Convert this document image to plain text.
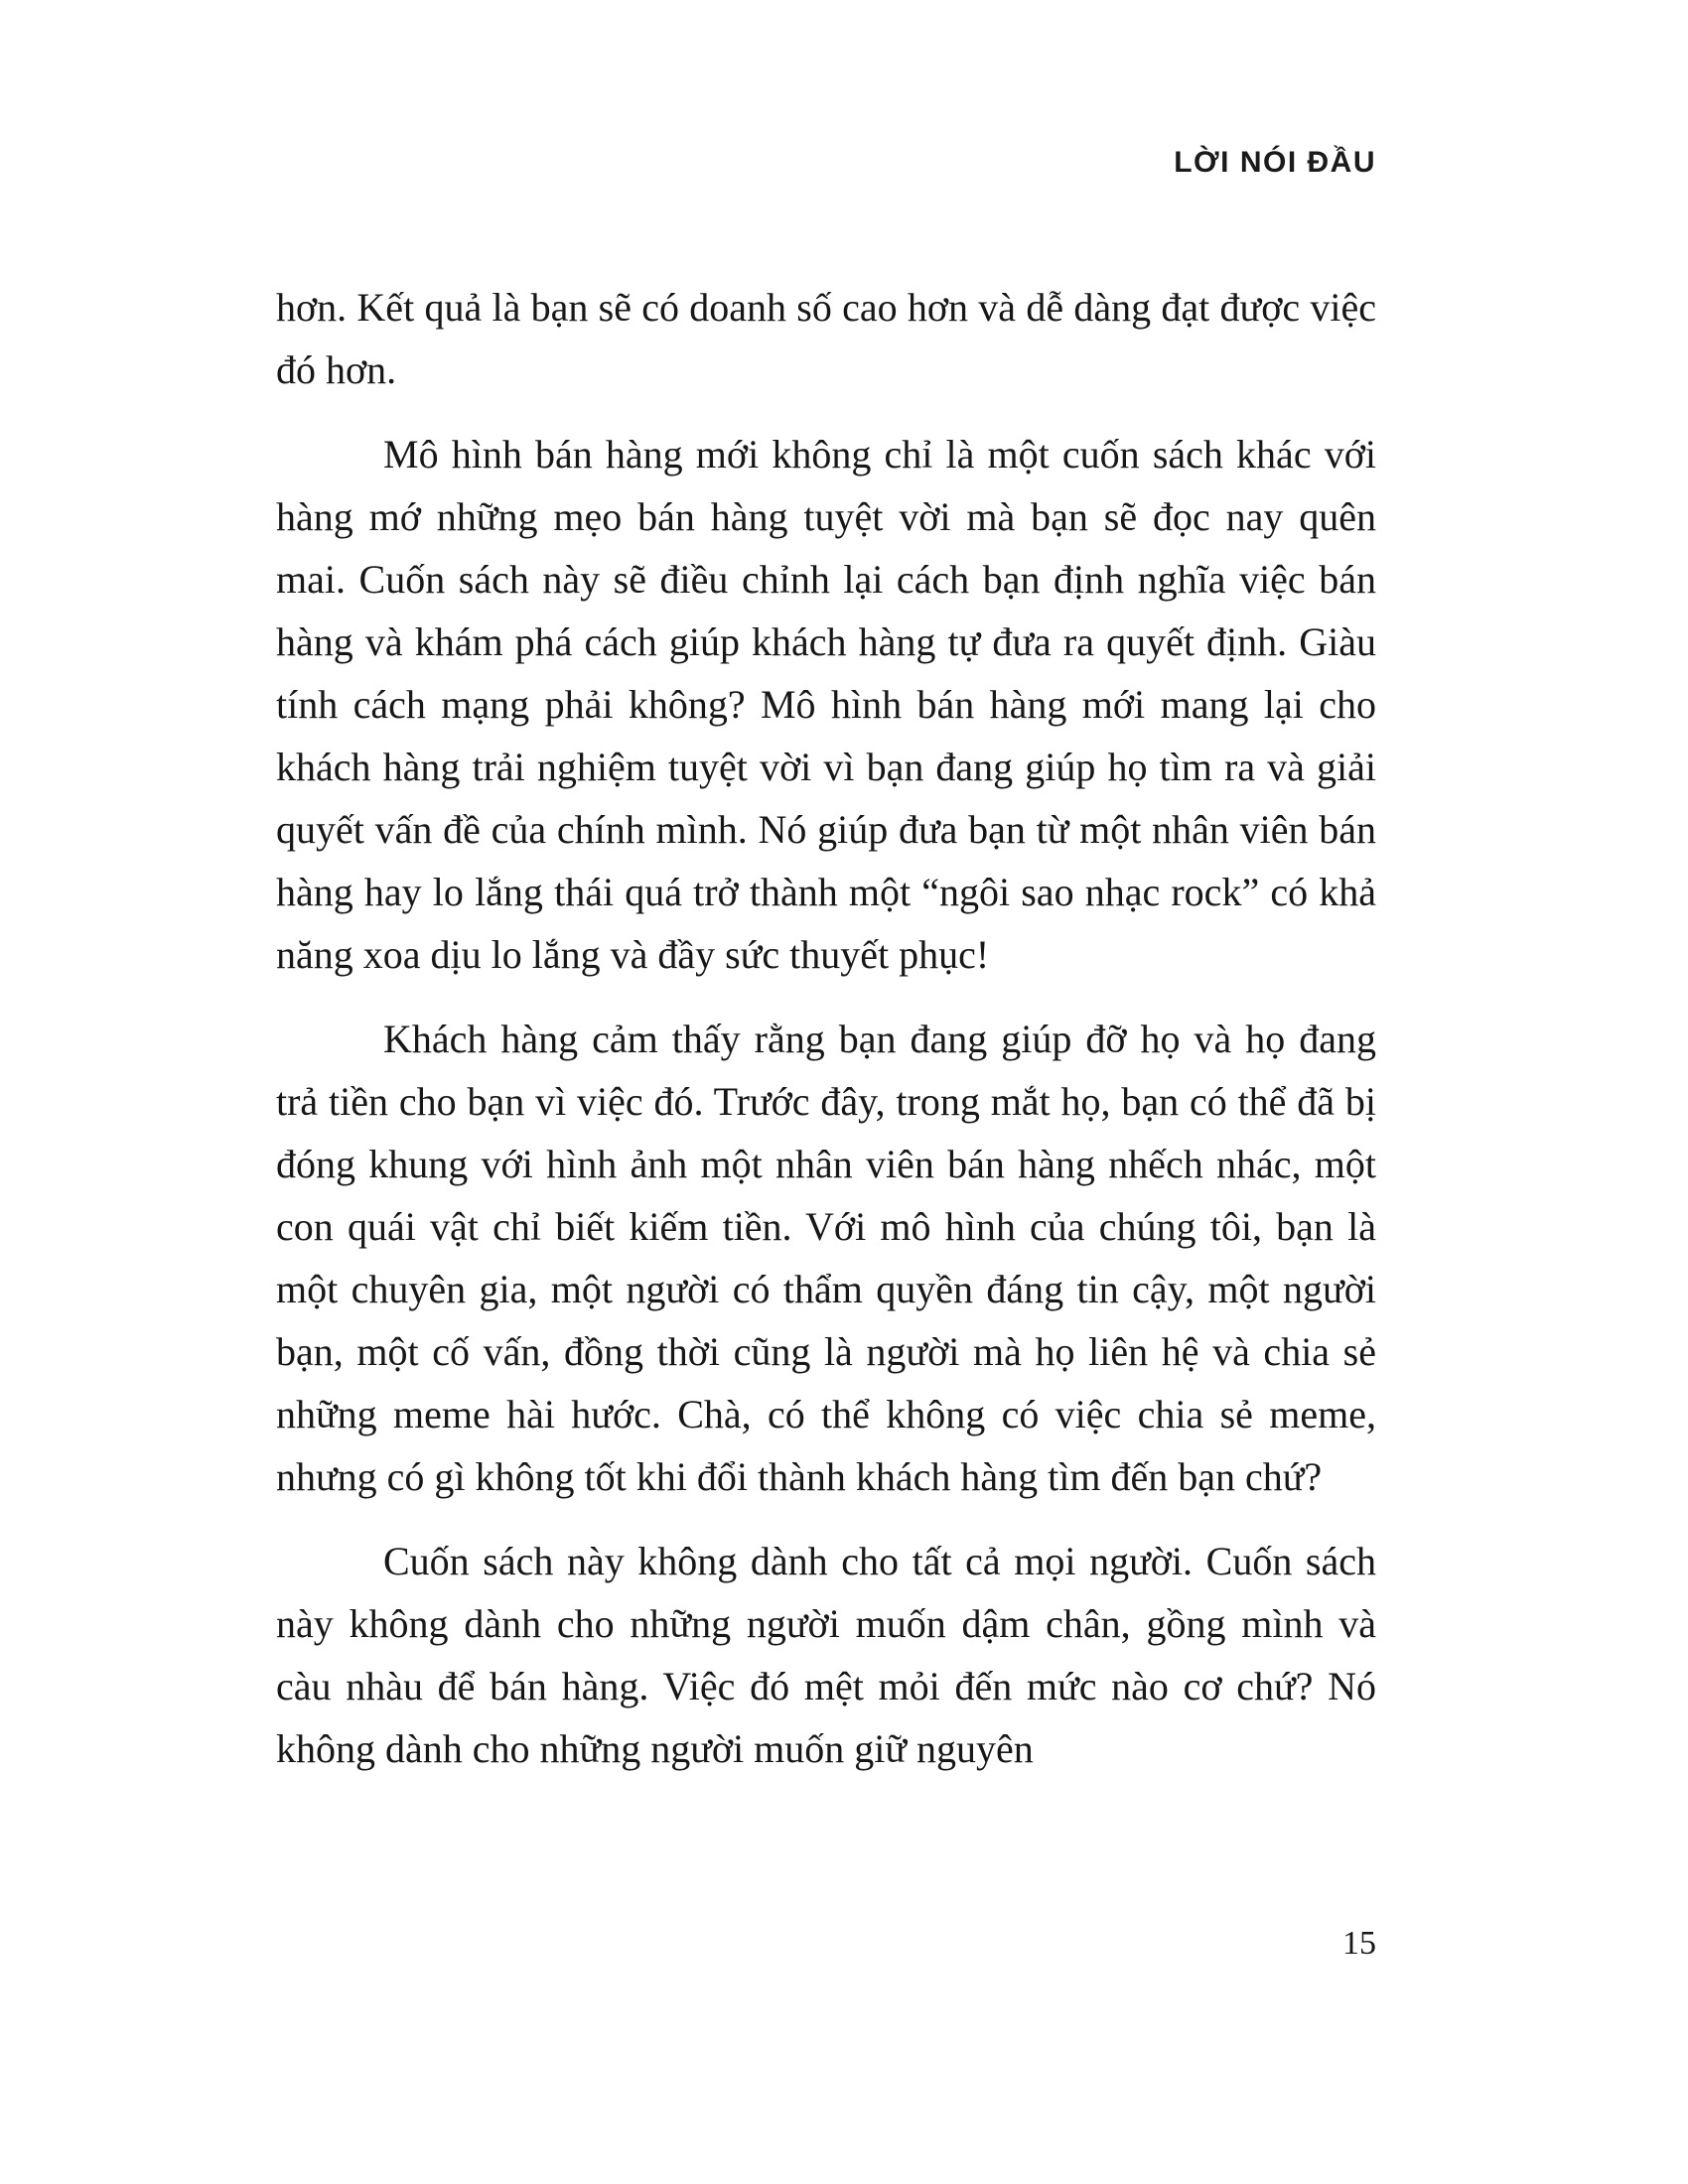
LỜI NÓI ĐẦU

hơn. Kết quả là bạn sẽ có doanh số cao hơn và dễ dàng đạt được việc đó hơn.

Mô hình bán hàng mới không chỉ là một cuốn sách khác với hàng mớ những mẹo bán hàng tuyệt vời mà bạn sẽ đọc nay quên mai. Cuốn sách này sẽ điều chỉnh lại cách bạn định nghĩa việc bán hàng và khám phá cách giúp khách hàng tự đưa ra quyết định. Giàu tính cách mạng phải không? Mô hình bán hàng mới mang lại cho khách hàng trải nghiệm tuyệt vời vì bạn đang giúp họ tìm ra và giải quyết vấn đề của chính mình. Nó giúp đưa bạn từ một nhân viên bán hàng hay lo lắng thái quá trở thành một “ngôi sao nhạc rock” có khả năng xoa dịu lo lắng và đầy sức thuyết phục!

Khách hàng cảm thấy rằng bạn đang giúp đỡ họ và họ đang trả tiền cho bạn vì việc đó. Trước đây, trong mắt họ, bạn có thể đã bị đóng khung với hình ảnh một nhân viên bán hàng nhếch nhác, một con quái vật chỉ biết kiếm tiền. Với mô hình của chúng tôi, bạn là một chuyên gia, một người có thẩm quyền đáng tin cậy, một người bạn, một cố vấn, đồng thời cũng là người mà họ liên hệ và chia sẻ những meme hài hước. Chà, có thể không có việc chia sẻ meme, nhưng có gì không tốt khi đổi thành khách hàng tìm đến bạn chứ?

Cuốn sách này không dành cho tất cả mọi người. Cuốn sách này không dành cho những người muốn dậm chân, gồng mình và càu nhàu để bán hàng. Việc đó mệt mỏi đến mức nào cơ chứ? Nó không dành cho những người muốn giữ nguyên

15
